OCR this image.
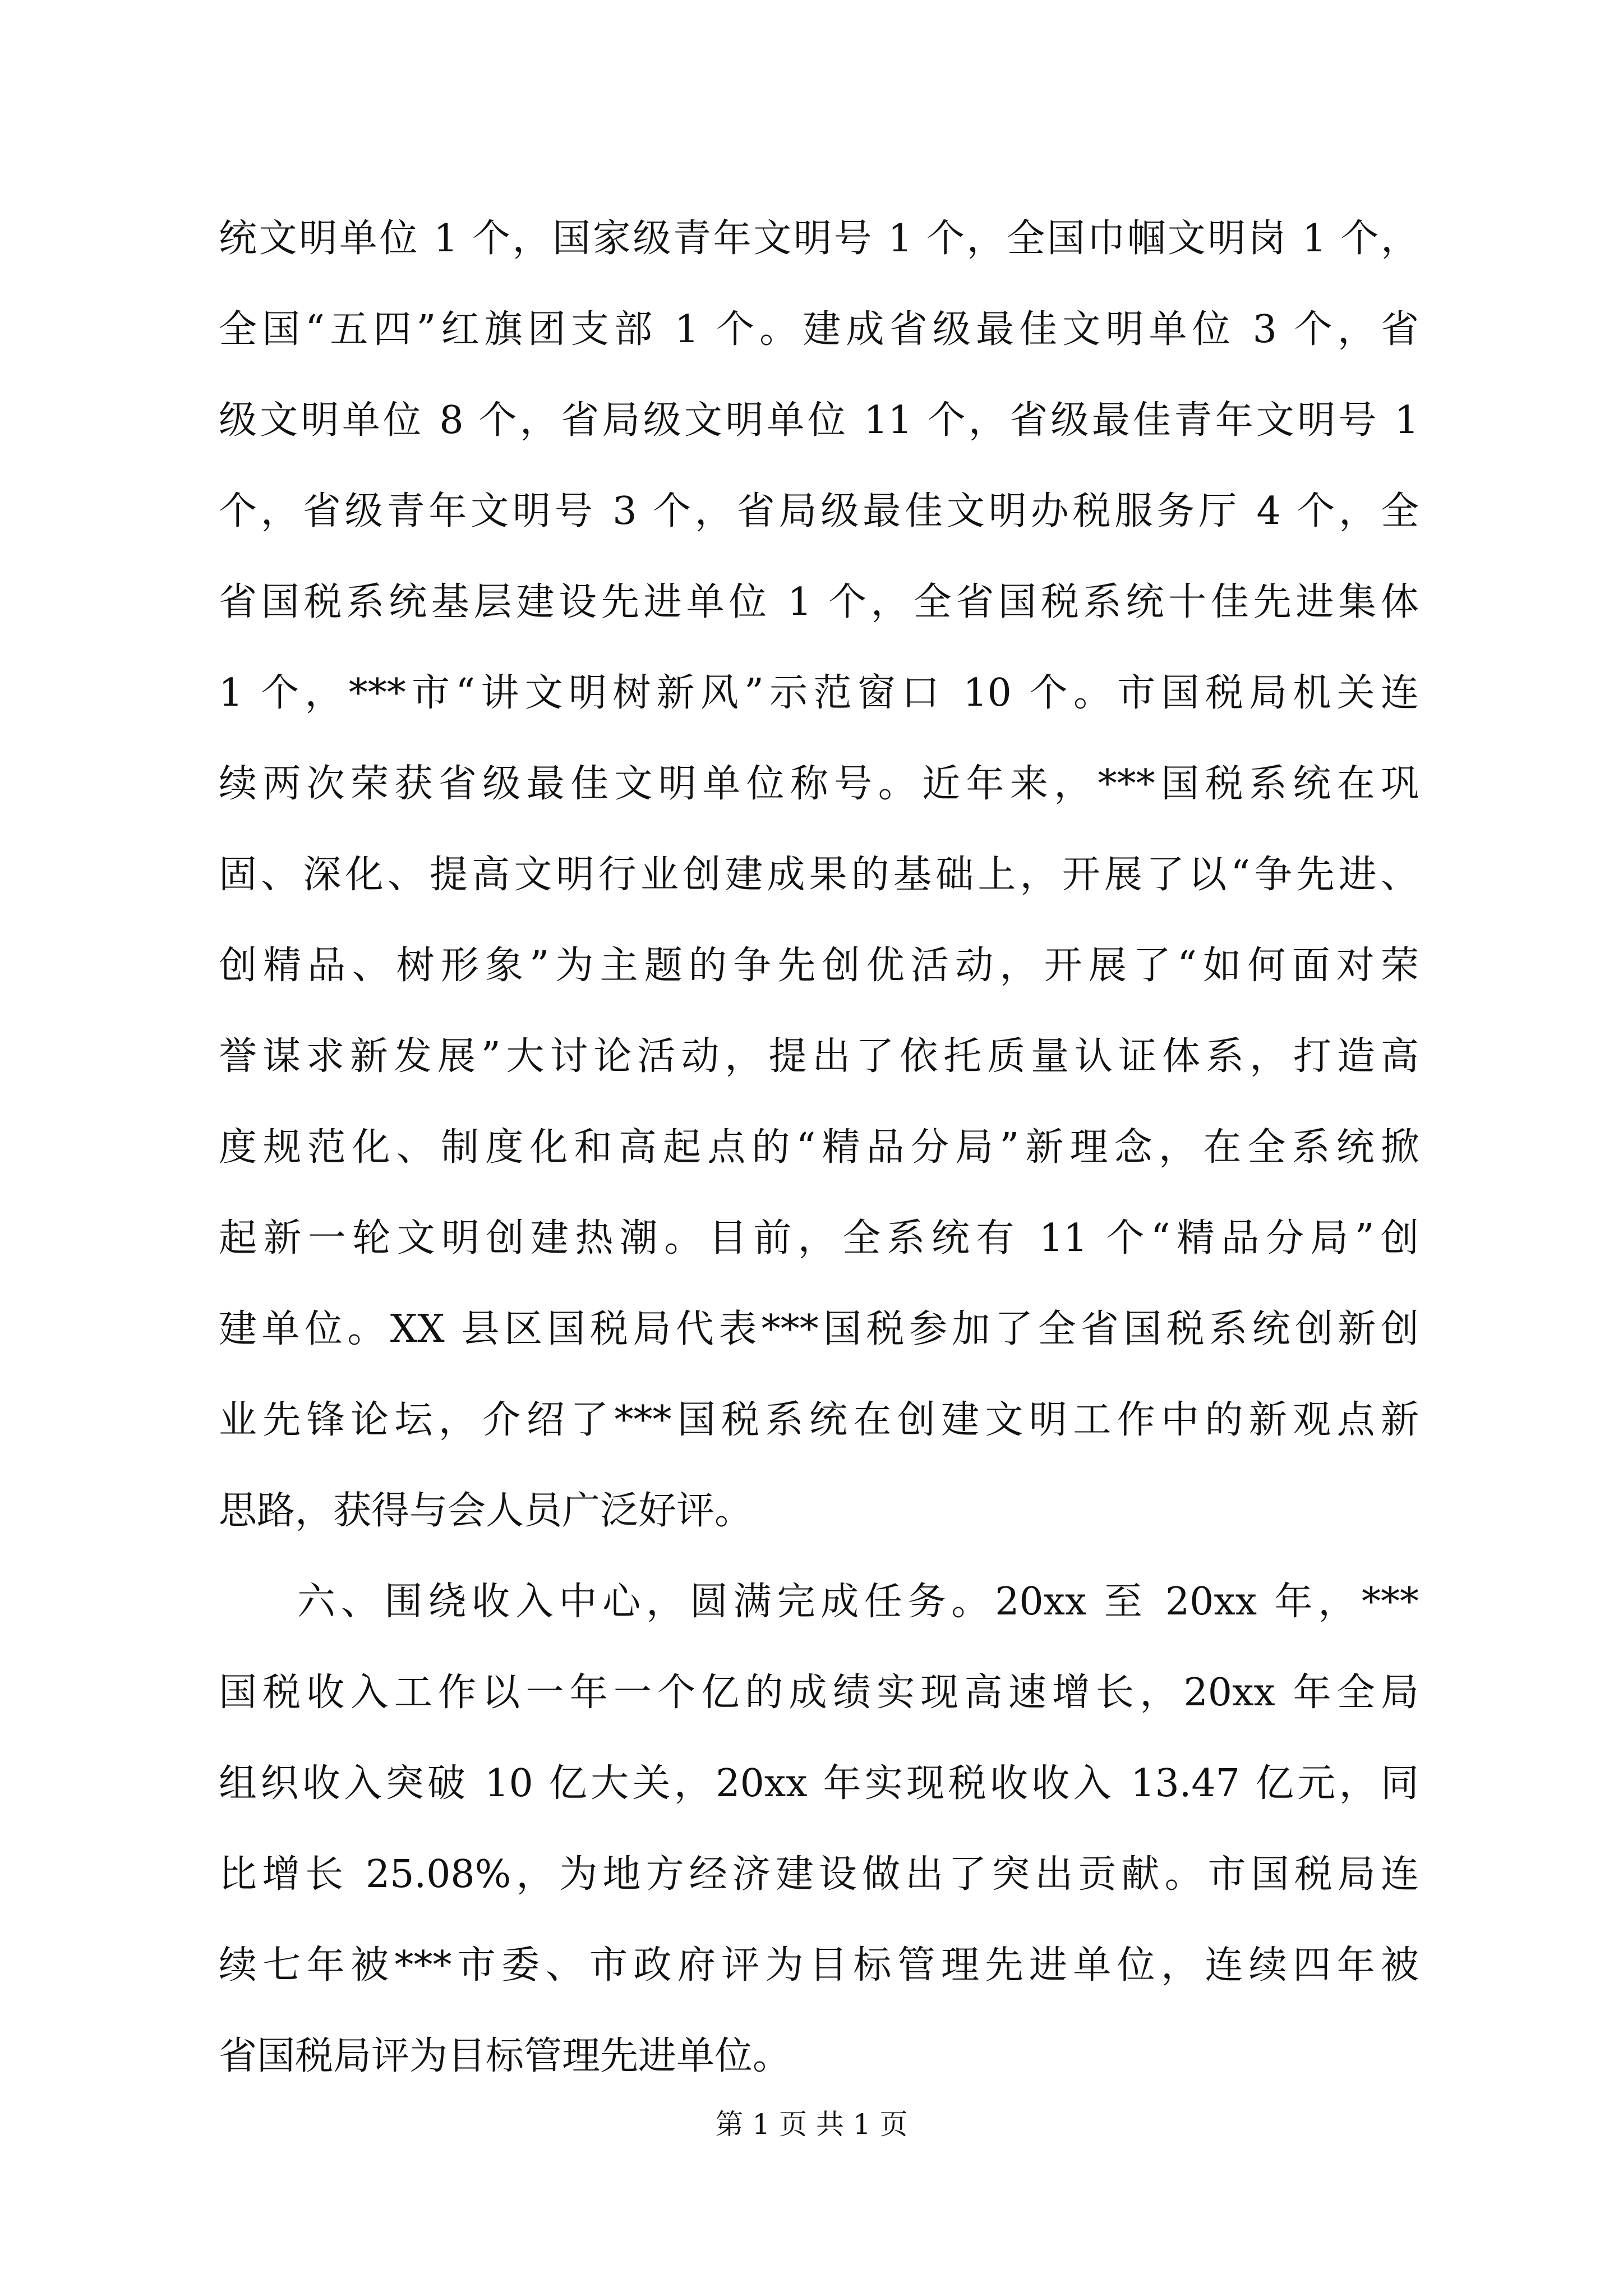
统文明单位 1 个，国家级青年文明号 1 个，全国巾帼文明岗 1 个，
全国“五四”红旗团支部 1 个。建成省级最佳文明单位 3 个，省
级文明单位 8 个，省局级文明单位 11 个，省级最佳青年文明号 1
个，省级青年文明号 3 个，省局级最佳文明办税服务厅 4 个，全
省国税系统基层建设先进单位 1 个，全省国税系统十佳先进集体
1 个，***市“讲文明树新风”示范窗口 10 个。市国税局机关连
续两次荣获省级最佳文明单位称号。近年来，***国税系统在巩
固、深化、提高文明行业创建成果的基础上，开展了以“争先进、
创精品、树形象”为主题的争先创优活动，开展了“如何面对荣
誉谋求新发展”大讨论活动，提出了依托质量认证体系，打造高
度规范化、制度化和高起点的“精品分局”新理念，在全系统掀
起新一轮文明创建热潮。目前，全系统有 11 个“精品分局”创
建单位。XX 县区国税局代表***国税参加了全省国税系统创新创
业先锋论坛，介绍了***国税系统在创建文明工作中的新观点新
思路，获得与会人员广泛好评。
六、围绕收入中心，圆满完成任务。20xx 至 20xx 年，***
国税收入工作以一年一个亿的成绩实现高速增长，20xx 年全局
组织收入突破 10 亿大关，20xx 年实现税收收入 13.47 亿元，同
比增长 25.08%，为地方经济建设做出了突出贡献。市国税局连
续七年被***市委、市政府评为目标管理先进单位，连续四年被
省国税局评为目标管理先进单位。
第 1 页 共 1 页
